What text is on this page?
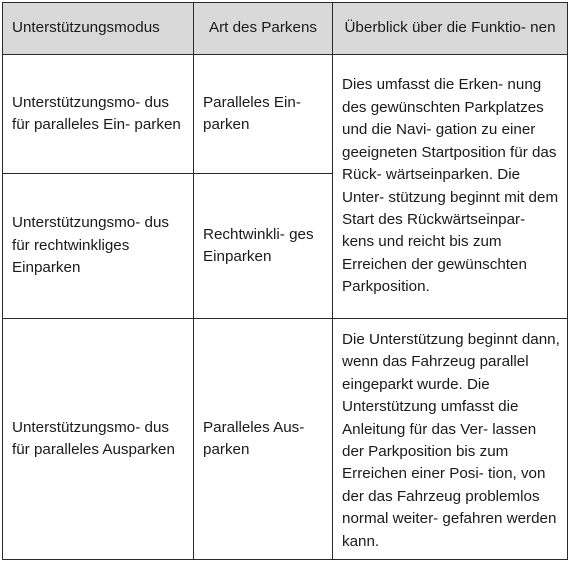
Unterstützungsmodus	Art des Parkens	Überblick über die Funktio- nen
Unterstützungsmo- dus für paralleles Ein- parken	Paralleles Ein- parken	Dies umfasst die Erken- nung des gewünschten Parkplatzes und die Navi- gation zu einer geeigneten Startposition für das Rück- wärtseinparken. Die Unter- stützung beginnt mit dem Start des Rückwärtseinpar- kens und reicht bis zum Erreichen der gewünschten Parkposition.
Unterstützungsmo- dus für rechtwinkliges Einparken	Rechtwinkli- ges Einparken	
Unterstützungsmo- dus für paralleles Ausparken	Paralleles Aus- parken	Die Unterstützung beginnt dann, wenn das Fahrzeug parallel eingeparkt wurde. Die Unterstützung umfasst die Anleitung für das Ver- lassen der Parkposition bis zum Erreichen einer Posi- tion, von der das Fahrzeug problemlos normal weiter- gefahren werden kann.
